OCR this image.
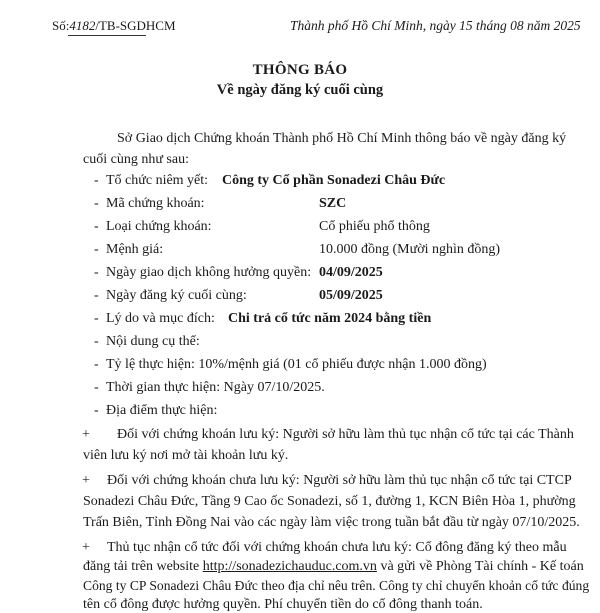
Số:4182/TB-SGDHCM	Thành phố Hồ Chí Minh, ngày 15 tháng 08 năm 2025
THÔNG BÁO
Về ngày đăng ký cuối cùng
Sở Giao dịch Chứng khoán Thành phố Hồ Chí Minh thông báo về ngày đăng ký
cuối cùng như sau:
- Tổ chức niêm yết: Công ty Cổ phần Sonadezi Châu Đức
- Mã chứng khoán:	SZC
- Loại chứng khoán:	Cổ phiếu phổ thông
- Mệnh giá:	10.000 đồng (Mười nghìn đồng)
- Ngày giao dịch không hưởng quyền: 04/09/2025
- Ngày đăng ký cuối cùng:	05/09/2025
- Lý do và mục đích: Chi trả cổ tức năm 2024 bằng tiền
- Nội dung cụ thể:
- Tỷ lệ thực hiện: 10%/mệnh giá (01 cổ phiếu được nhận 1.000 đồng)
- Thời gian thực hiện: Ngày 07/10/2025.
- Địa điểm thực hiện:
+ Đối với chứng khoán lưu ký: Người sở hữu làm thủ tục nhận cổ tức tại các Thành
viên lưu ký nơi mở tài khoản lưu ký.
+ Đối với chứng khoán chưa lưu ký: Người sở hữu làm thủ tục nhận cổ tức tại CTCP
Sonadezi Châu Đức, Tầng 9 Cao ốc Sonadezi, số 1, đường 1, KCN Biên Hòa 1, phường
Trấn Biên, Tỉnh Đồng Nai vào các ngày làm việc trong tuần bắt đầu từ ngày 07/10/2025.
+ Thủ tục nhận cổ tức đối với chứng khoán chưa lưu ký: Cổ đông đăng ký theo mẫu
đăng tải trên website http://sonadezichauduc.com.vn và gửi về Phòng Tài chính - Kế toán
Công ty CP Sonadezi Châu Đức theo địa chỉ nêu trên. Công ty chỉ chuyển khoản cổ tức đúng
tên cổ đông được hưởng quyền. Phí chuyển tiền do cổ đông thanh toán.
